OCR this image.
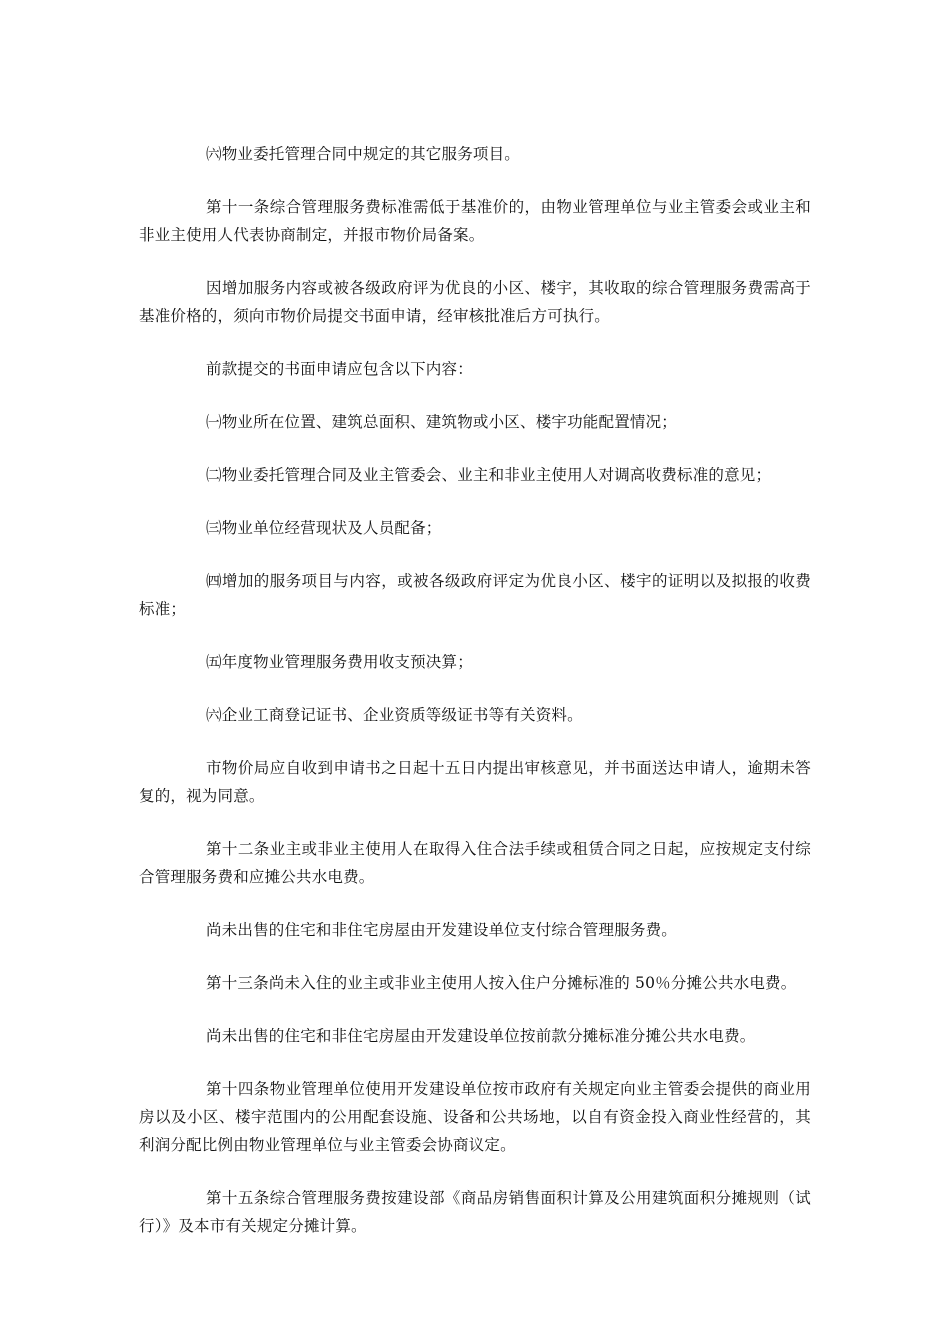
㈥物业委托管理合同中规定的其它服务项目。

第十一条综合管理服务费标准需低于基准价的，由物业管理单位与业主管委会或业主和非业主使用人代表协商制定，并报市物价局备案。

因增加服务内容或被各级政府评为优良的小区、楼宇，其收取的综合管理服务费需高于基准价格的，须向市物价局提交书面申请，经审核批准后方可执行。

前款提交的书面申请应包含以下内容：

㈠物业所在位置、建筑总面积、建筑物或小区、楼宇功能配置情况；

㈡物业委托管理合同及业主管委会、业主和非业主使用人对调高收费标准的意见；

㈢物业单位经营现状及人员配备；

㈣增加的服务项目与内容，或被各级政府评定为优良小区、楼宇的证明以及拟报的收费标准；

㈤年度物业管理服务费用收支预决算；

㈥企业工商登记证书、企业资质等级证书等有关资料。

市物价局应自收到申请书之日起十五日内提出审核意见，并书面送达申请人，逾期未答复的，视为同意。

第十二条业主或非业主使用人在取得入住合法手续或租赁合同之日起，应按规定支付综合管理服务费和应摊公共水电费。

尚未出售的住宅和非住宅房屋由开发建设单位支付综合管理服务费。

第十三条尚未入住的业主或非业主使用人按入住户分摊标准的 50％分摊公共水电费。

尚未出售的住宅和非住宅房屋由开发建设单位按前款分摊标准分摊公共水电费。

第十四条物业管理单位使用开发建设单位按市政府有关规定向业主管委会提供的商业用房以及小区、楼宇范围内的公用配套设施、设备和公共场地，以自有资金投入商业性经营的，其利润分配比例由物业管理单位与业主管委会协商议定。

第十五条综合管理服务费按建设部《商品房销售面积计算及公用建筑面积分摊规则（试行）》及本市有关规定分摊计算。
